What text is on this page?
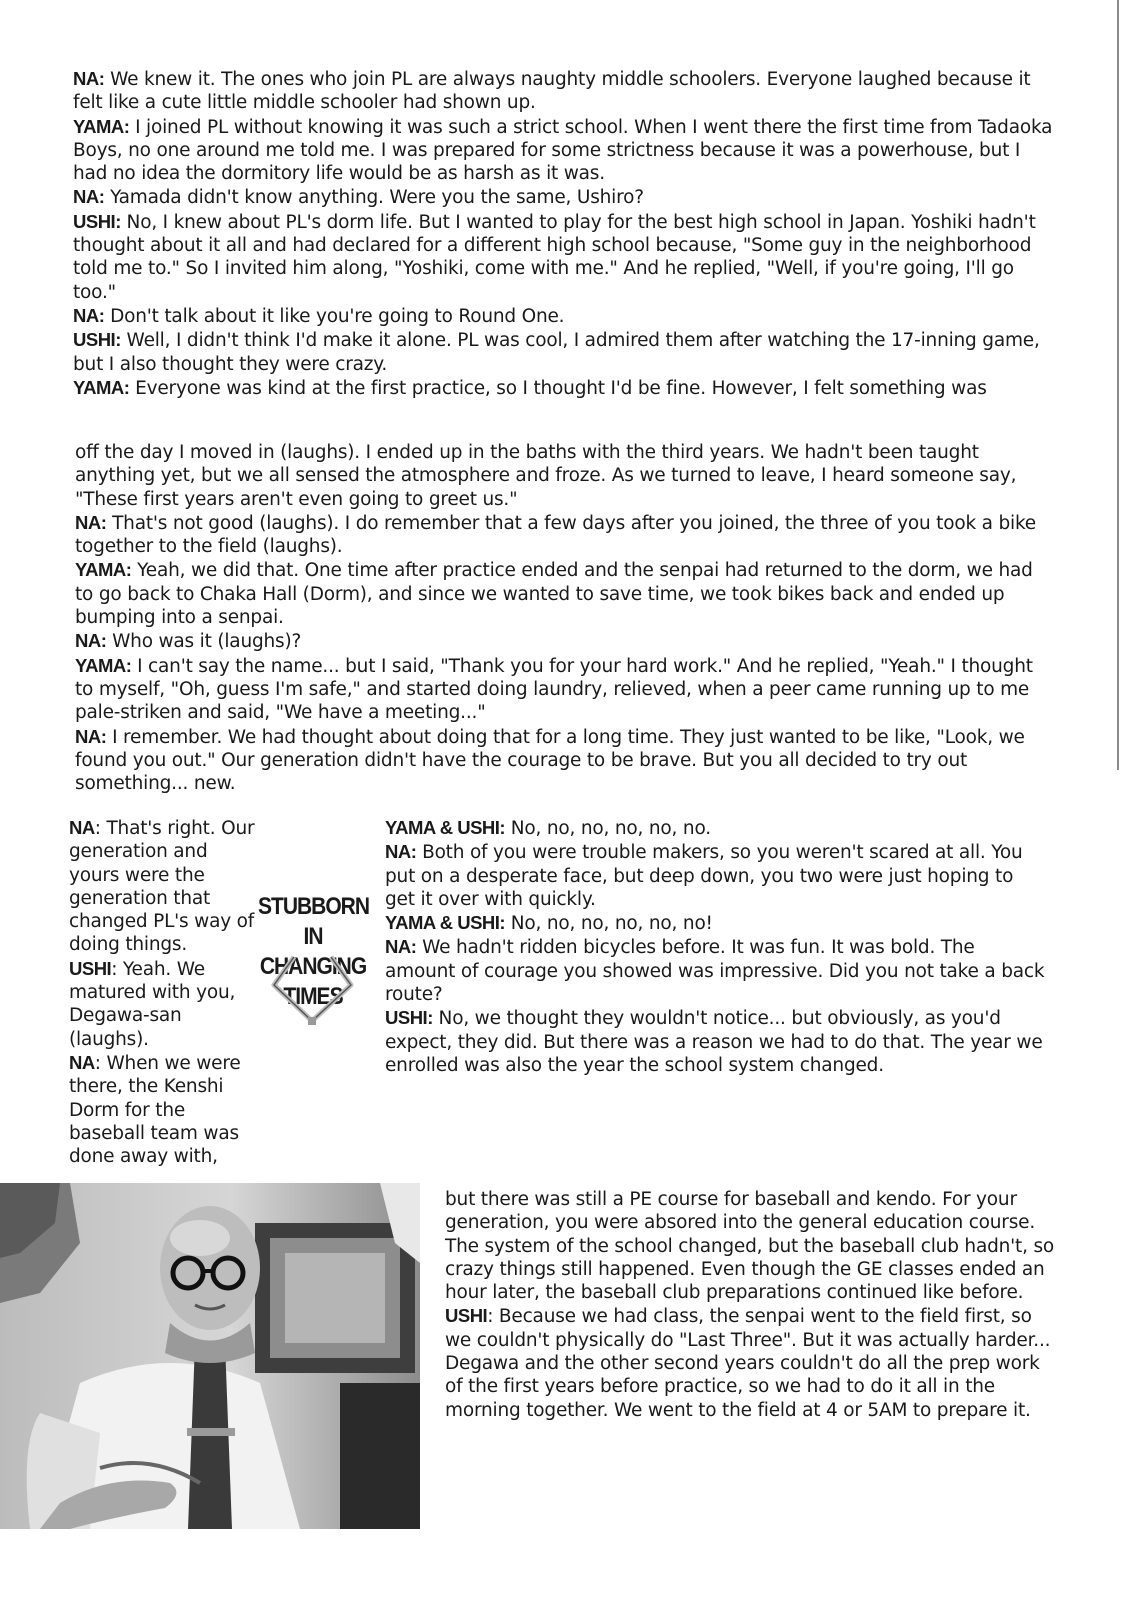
NA: We knew it. The ones who join PL are always naughty middle schoolers. Everyone laughed because it felt like a cute little middle schooler had shown up.

YAMA: I joined PL without knowing it was such a strict school. When I went there the first time from Tadaoka Boys, no one around me told me. I was prepared for some strictness because it was a powerhouse, but I had no idea the dormitory life would be as harsh as it was.

NA: Yamada didn't know anything. Were you the same, Ushiro?

USHI: No, I knew about PL's dorm life. But I wanted to play for the best high school in Japan. Yoshiki hadn't thought about it all and had declared for a different high school because, "Some guy in the neighborhood told me to." So I invited him along, "Yoshiki, come with me." And he replied, "Well, if you're going, I'll go too."

NA: Don't talk about it like you're going to Round One.

USHI: Well, I didn't think I'd make it alone. PL was cool, I admired them after watching the 17-inning game, but I also thought they were crazy.

YAMA: Everyone was kind at the first practice, so I thought I'd be fine. However, I felt something was

off the day I moved in (laughs). I ended up in the baths with the third years. We hadn't been taught anything yet, but we all sensed the atmosphere and froze. As we turned to leave, I heard someone say, "These first years aren't even going to greet us."

NA: That's not good (laughs). I do remember that a few days after you joined, the three of you took a bike together to the field (laughs).

YAMA: Yeah, we did that. One time after practice ended and the senpai had returned to the dorm, we had to go back to Chaka Hall (Dorm), and since we wanted to save time, we took bikes back and ended up bumping into a senpai.

NA: Who was it (laughs)?

YAMA: I can't say the name... but I said, "Thank you for your hard work." And he replied, "Yeah." I thought to myself, "Oh, guess I'm safe," and started doing laundry, relieved, when a peer came running up to me pale-striken and said, "We have a meeting..."

NA: I remember. We had thought about doing that for a long time. They just wanted to be like, "Look, we found you out." Our generation didn't have the courage to be brave. But you all decided to try out something... new.

NA: That's right. Our generation and yours were the generation that changed PL's way of doing things.

USHI: Yeah. We matured with you, Degawa-san (laughs).

NA: When we were there, the Kenshi Dorm for the baseball team was done away with,

STUBBORN
IN CHANGING
TIMES

YAMA & USHI: No, no, no, no, no, no.

NA: Both of you were trouble makers, so you weren't scared at all. You put on a desperate face, but deep down, you two were just hoping to get it over with quickly.

YAMA & USHI: No, no, no, no, no, no!

NA: We hadn't ridden bicycles before. It was fun. It was bold. The amount of courage you showed was impressive. Did you not take a back route?

USHI: No, we thought they wouldn't notice... but obviously, as you'd expect, they did. But there was a reason we had to do that. The year we enrolled was also the year the school system changed.

but there was still a PE course for baseball and kendo. For your generation, you were absored into the general education course. The system of the school changed, but the baseball club hadn't, so crazy things still happened. Even though the GE classes ended an hour later, the baseball club preparations continued like before.

USHI: Because we had class, the senpai went to the field first, so we couldn't physically do "Last Three". But it was actually harder... Degawa and the other second years couldn't do all the prep work of the first years before practice, so we had to do it all in the morning together. We went to the field at 4 or 5AM to prepare it.
